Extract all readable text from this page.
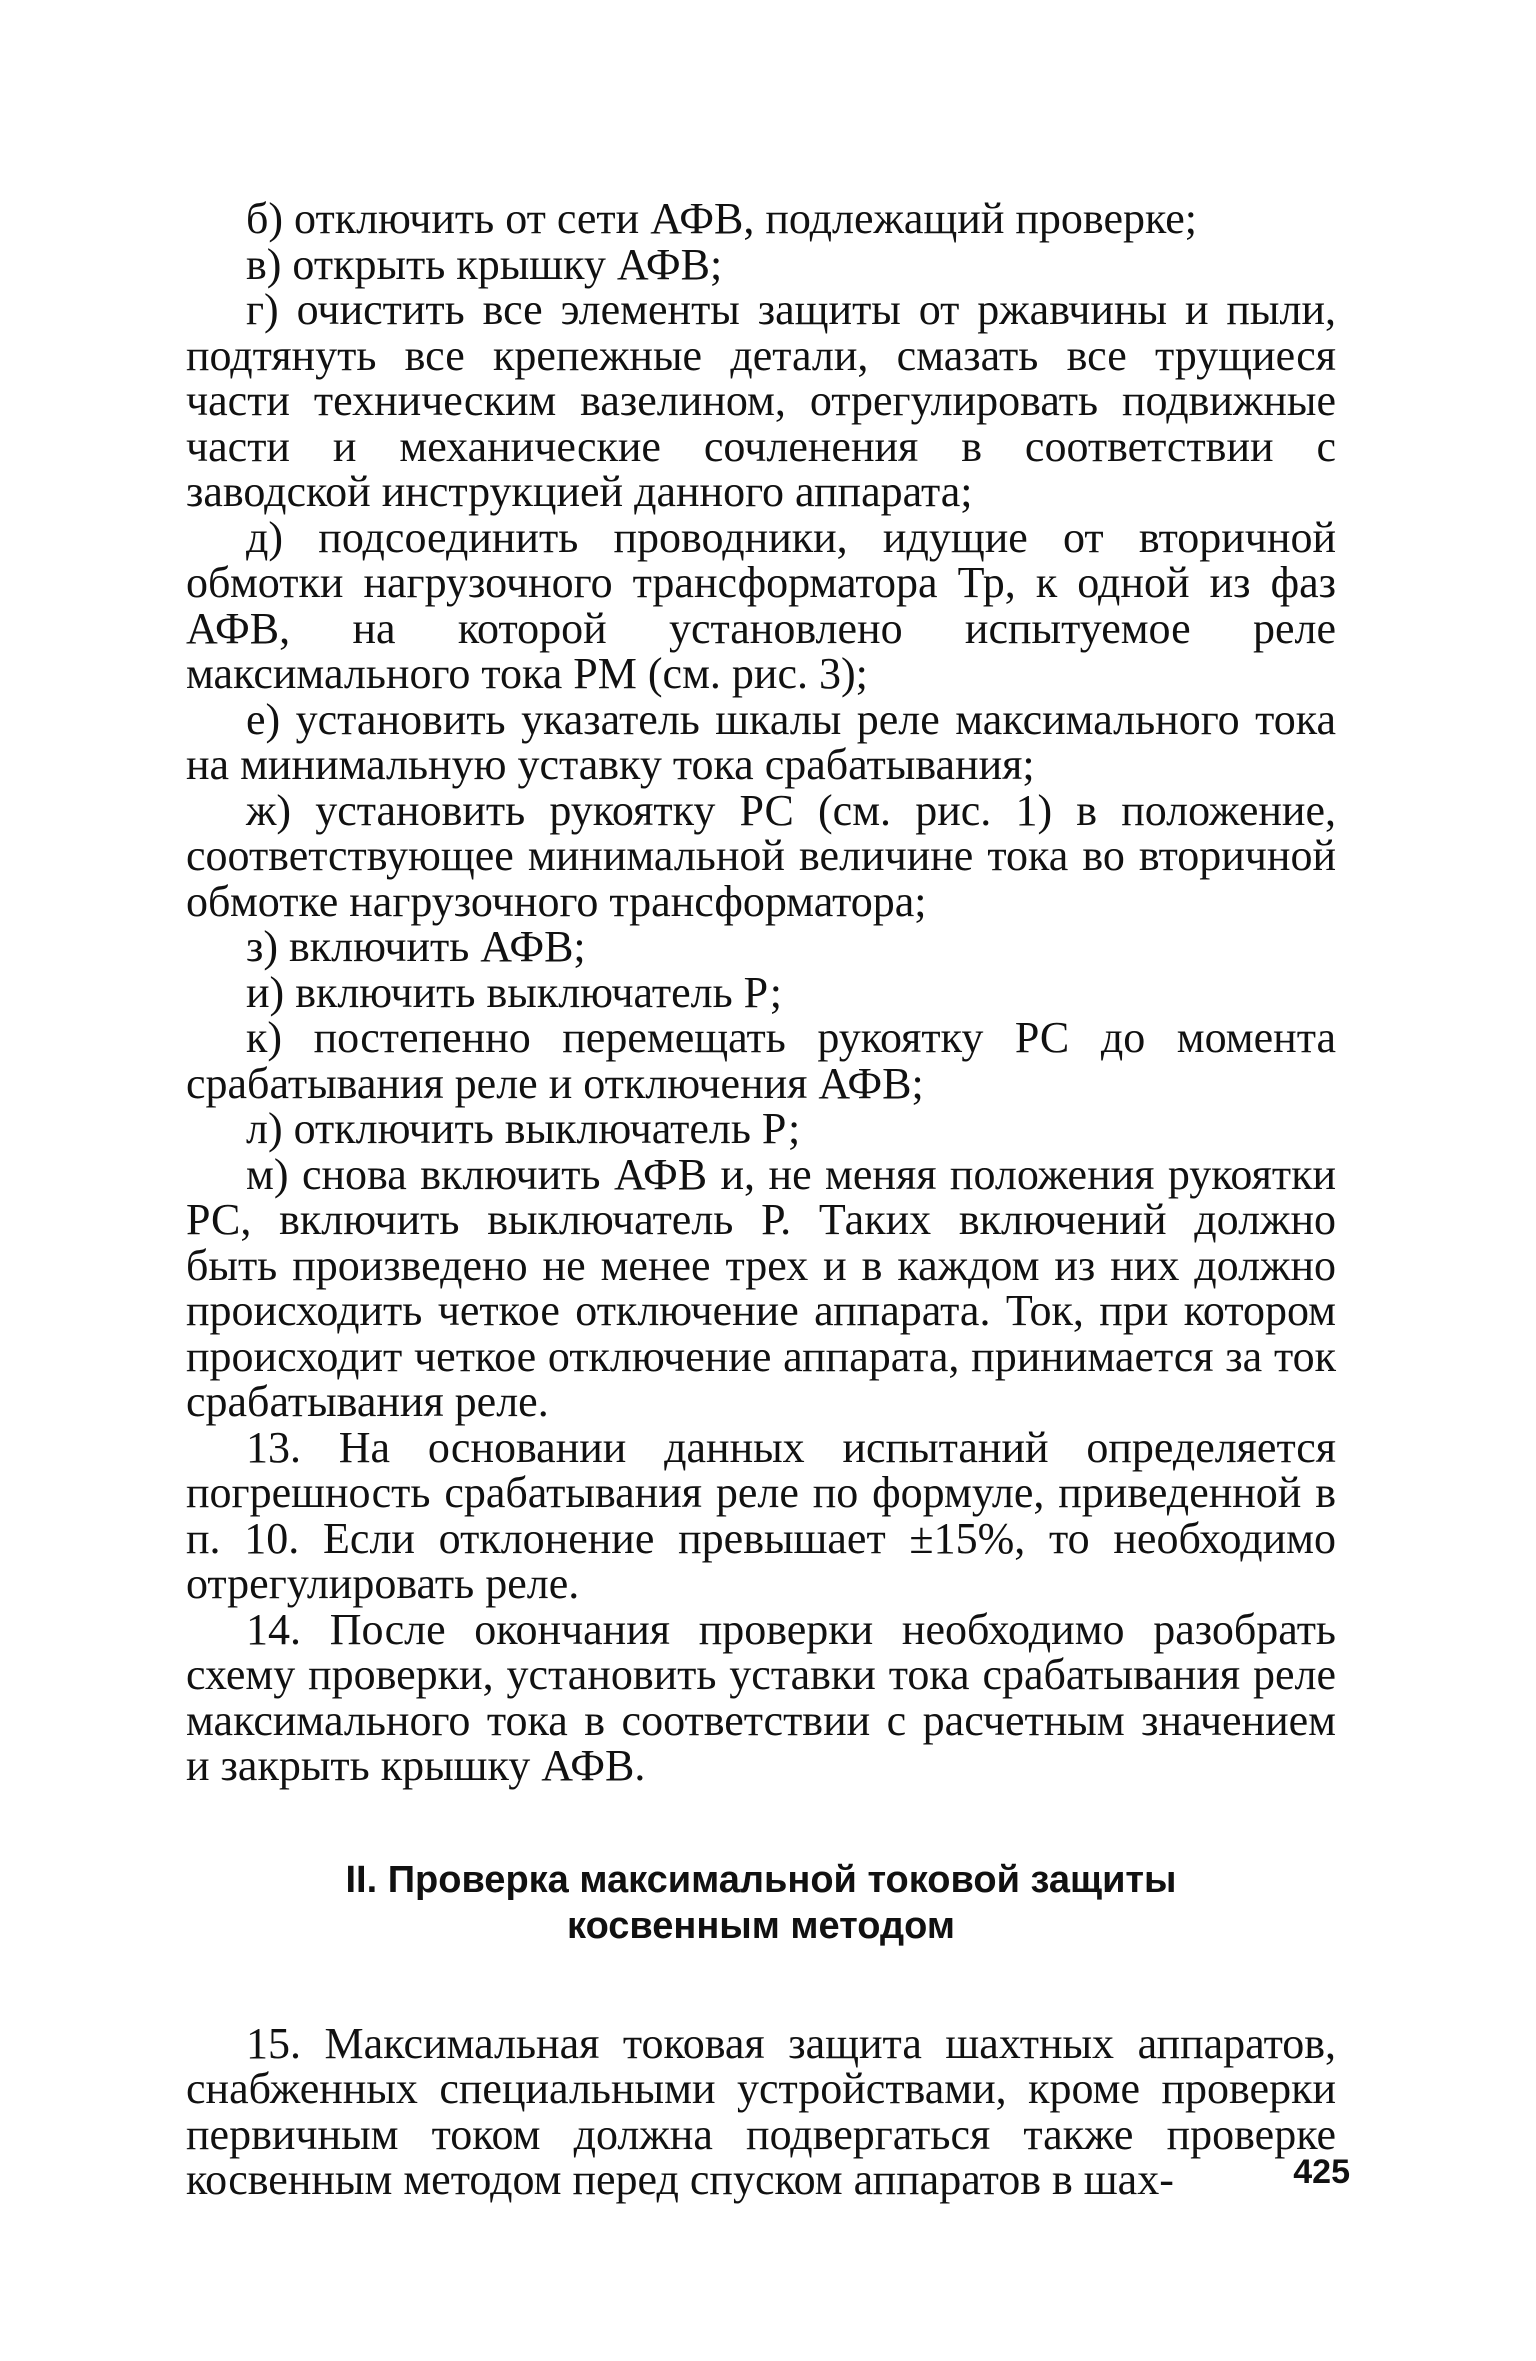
б) отключить от сети АФВ, подлежащий проверке;

в) открыть крышку АФВ;

г) очистить все элементы защиты от ржавчины и пыли, подтянуть все крепежные детали, смазать все трущиеся части техническим вазелином, отрегулировать подвижные части и механические сочленения в соответствии с заводской инструкцией данного аппарата;

д) подсоединить проводники, идущие от вторичной обмотки нагрузочного трансформатора Тр, к одной из фаз АФВ, на которой установлено испытуемое реле максимального тока РМ (см. рис. 3);

е) установить указатель шкалы реле максимального тока на минимальную уставку тока срабатывания;

ж) установить рукоятку РС (см. рис. 1) в положение, соответствующее минимальной величине тока во вторичной обмотке нагрузочного трансформатора;

з) включить АФВ;

и) включить выключатель Р;

к) постепенно перемещать рукоятку РС до момента срабатывания реле и отключения АФВ;

л) отключить выключатель Р;

м) снова включить АФВ и, не меняя положения рукоятки РС, включить выключатель Р. Таких включений должно быть произведено не менее трех и в каждом из них должно происходить четкое отключение аппарата. Ток, при котором происходит четкое отключение аппарата, принимается за ток срабатывания реле.

13. На основании данных испытаний определяется погрешность срабатывания реле по формуле, приведенной в п. 10. Если отклонение превышает ±15%, то необходимо отрегулировать реле.

14. После окончания проверки необходимо разобрать схему проверки, установить уставки тока срабатывания реле максимального тока в соответствии с расчетным значением и закрыть крышку АФВ.

II. Проверка максимальной токовой защиты
косвенным методом

15. Максимальная токовая защита шахтных аппаратов, снабженных специальными устройствами, кроме проверки первичным током должна подвергаться также проверке косвенным методом перед спуском аппаратов в шах-	425
